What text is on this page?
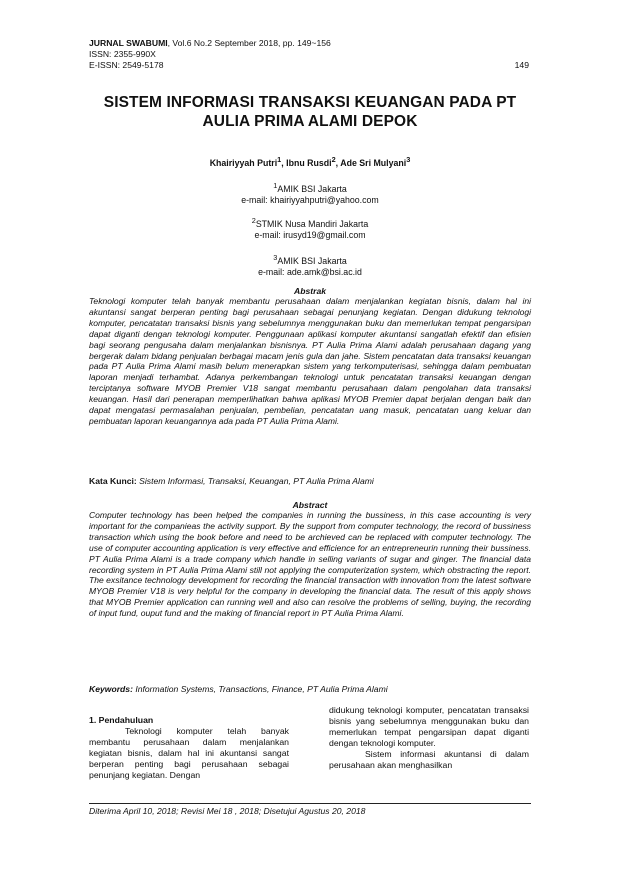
JURNAL SWABUMI, Vol.6 No.2 September 2018, pp. 149~156
ISSN: 2355-990X
E-ISSN: 2549-5178	149
SISTEM INFORMASI TRANSAKSI KEUANGAN PADA PT
AULIA PRIMA ALAMI DEPOK
Khairiyyah Putri$^1$, Ibnu Rusdi$^2$, Ade Sri Mulyani$^3$
$^1$AMIK BSI Jakarta
e-mail: khairiyyahputri@yahoo.com
$^2$STMIK Nusa Mandiri Jakarta
e-mail: irusyd19@gmail.com
$^3$AMIK BSI Jakarta
e-mail: ade.amk@bsi.ac.id
Abstrak
Teknologi komputer telah banyak membantu perusahaan dalam menjalankan kegiatan bisnis, dalam hal ini akuntansi sangat berperan penting bagi perusahaan sebagai penunjang kegiatan. Dengan didukung teknologi komputer, pencatatan transaksi bisnis yang sebelumnya menggunakan buku dan memerlukan tempat pengarsipan dapat diganti dengan teknologi komputer. Penggunaan aplikasi komputer akuntansi sangatlah efektif dan efisien bagi seorang pengusaha dalam menjalankan bisnisnya. PT Aulia Prima Alami adalah perusahaan dagang yang bergerak dalam bidang penjualan berbagai macam jenis gula dan jahe. Sistem pencatatan data transaksi keuangan pada PT Aulia Prima Alami masih belum menerapkan sistem yang terkomputerisasi, sehingga dalam pembuatan laporan menjadi terhambat. Adanya perkembangan teknologi untuk pencatatan transaksi keuangan dengan terciptanya software MYOB Premier V18 sangat membantu perusahaan dalam pengolahan data transaksi keuangan. Hasil dari penerapan memperlihatkan bahwa aplikasi MYOB Premier dapat berjalan dengan baik dan dapat mengatasi permasalahan penjualan, pembelian, pencatatan uang masuk, pencatatan uang keluar dan pembuatan laporan keuangannya ada pada PT Aulia Prima Alami.
Kata Kunci: Sistem Informasi, Transaksi, Keuangan, PT Aulia Prima Alami
Abstract
Computer technology has been helped the companies in running the bussiness, in this case accounting is very important for the companieas the activity support. By the support from computer technology, the record of bussiness transaction which using the book before and need to be archieved can be replaced with computer technology. The use of computer accounting application is very effective and efficience for an entrepreneurin running their bussiness. PT Aulia Prima Alami is a trade company which handle in selling variants of sugar and ginger. The financial data recording system in PT Aulia Prima Alami still not applying the computerization system, which obstracting the report. The exsitance technology development for recording the financial transaction with innovation from the latest software MYOB Premier V18 is very helpful for the company in developing the financial data. The result of this apply shows that MYOB Premier application can running well and also can resolve the problems of selling, buying, the recording of input fund, ouput fund and the making of financial report in PT Aulia Prima Alami.
Keywords: Information Systems, Transactions, Finance, PT Aulia Prima Alami
1. Pendahuluan
Teknologi komputer telah banyak membantu perusahaan dalam menjalankan kegiatan bisnis, dalam hal ini akuntansi sangat berperan penting bagi perusahaan sebagai penunjang kegiatan. Dengan
didukung teknologi komputer, pencatatan transaksi bisnis yang sebelumnya menggunakan buku dan memerlukan tempat pengarsipan dapat diganti dengan teknologi komputer.
Sistem informasi akuntansi di dalam perusahaan akan menghasilkan
Diterima April 10, 2018; Revisi Mei 18 , 2018; Disetujui Agustus 20, 2018
